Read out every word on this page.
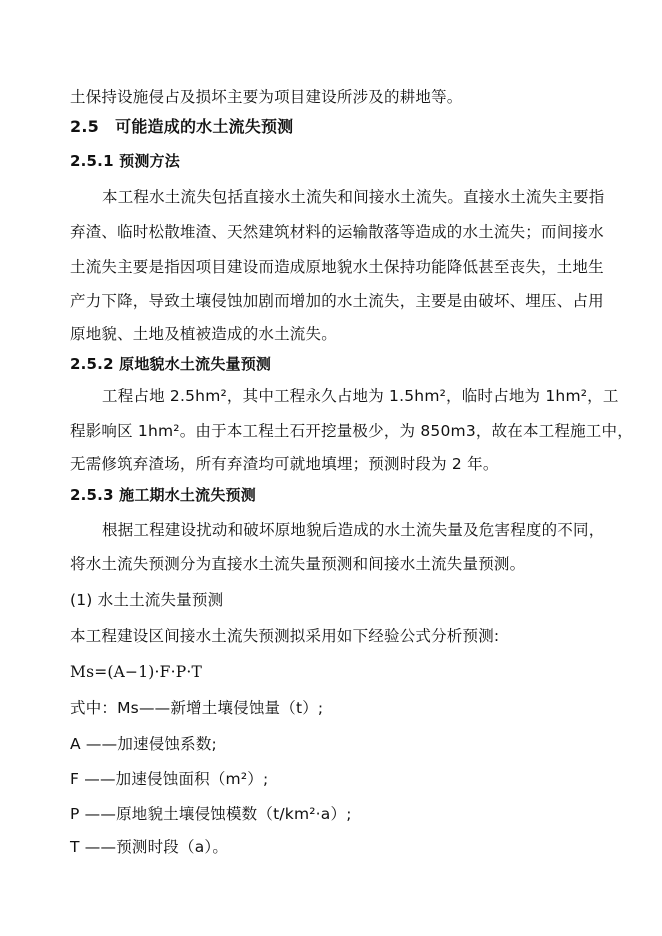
土保持设施侵占及损坏主要为项目建设所涉及的耕地等。
2.5　可能造成的水土流失预测
2.5.1 预测方法
本工程水土流失包括直接水土流失和间接水土流失。直接水土流失主要指
弃渣、临时松散堆渣、天然建筑材料的运输散落等造成的水土流失；而间接水
土流失主要是指因项目建设而造成原地貌水土保持功能降低甚至丧失，土地生
产力下降，导致土壤侵蚀加剧而增加的水土流失，主要是由破坏、埋压、占用
原地貌、土地及植被造成的水土流失。
2.5.2 原地貌水土流失量预测
工程占地 2.5hm²，其中工程永久占地为 1.5hm²，临时占地为 1hm²，工
程影响区 1hm²。由于本工程土石开挖量极少，为 850m3，故在本工程施工中，
无需修筑弃渣场，所有弃渣均可就地填埋；预测时段为 2 年。
2.5.3 施工期水土流失预测
根据工程建设扰动和破坏原地貌后造成的水土流失量及危害程度的不同，
将水土流失预测分为直接水土流失量预测和间接水土流失量预测。
(1) 水土土流失量预测
本工程建设区间接水土流失预测拟采用如下经验公式分析预测:
Ms=(A−1)·F·P·T
式中：Ms——新增土壤侵蚀量（t）;
A ——加速侵蚀系数;
F ——加速侵蚀面积（m²）;
P ——原地貌土壤侵蚀模数（t/km²·a）;
T ——预测时段（a）。
